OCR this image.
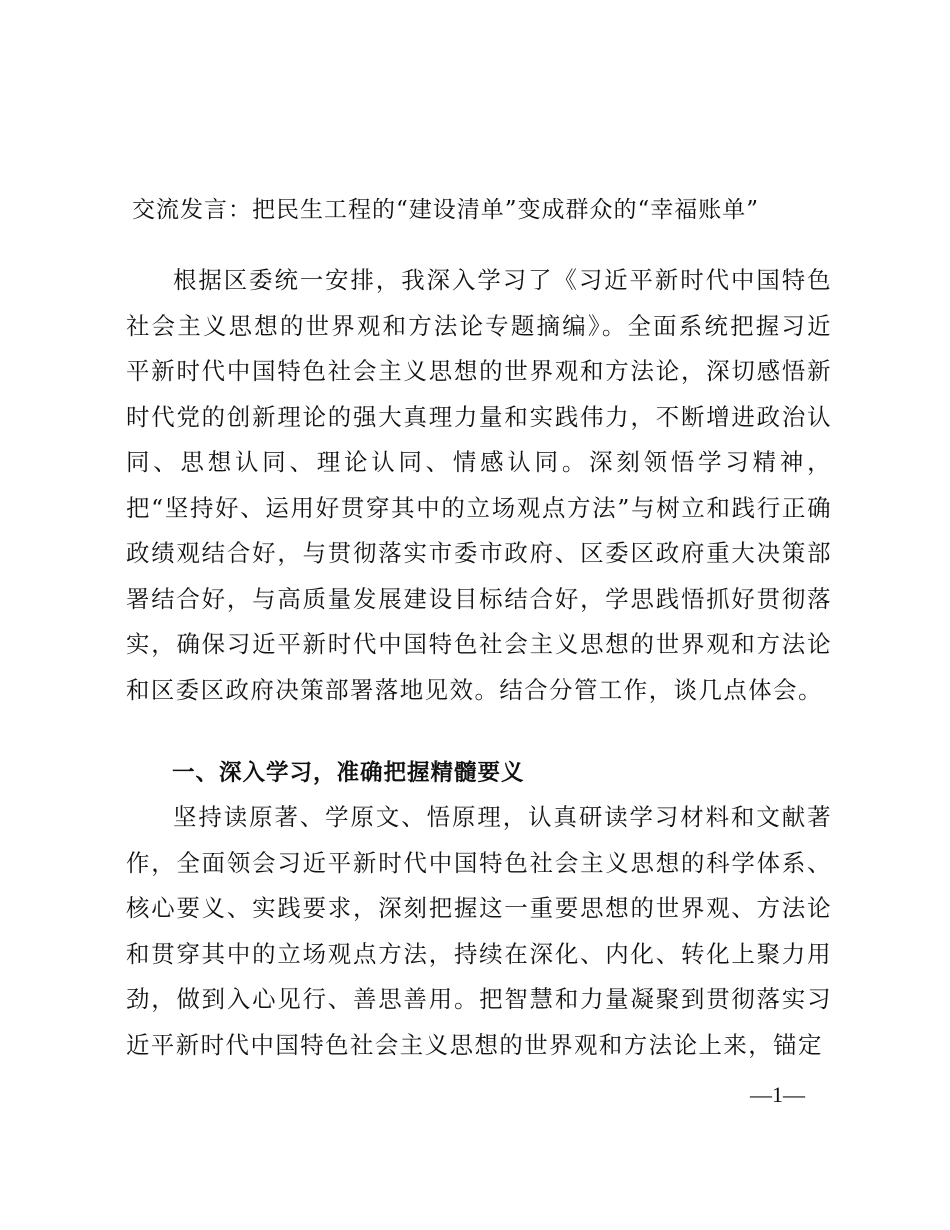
交流发言：把民生工程的“建设清单”变成群众的“幸福账单”

根据区委统一安排，我深入学习了《习近平新时代中国特色社会主义思想的世界观和方法论专题摘编》。全面系统把握习近平新时代中国特色社会主义思想的世界观和方法论，深切感悟新时代党的创新理论的强大真理力量和实践伟力，不断增进政治认同、思想认同、理论认同、情感认同。深刻领悟学习精神，把“坚持好、运用好贯穿其中的立场观点方法”与树立和践行正确政绩观结合好，与贯彻落实市委市政府、区委区政府重大决策部署结合好，与高质量发展建设目标结合好，学思践悟抓好贯彻落实，确保习近平新时代中国特色社会主义思想的世界观和方法论和区委区政府决策部署落地见效。结合分管工作，谈几点体会。

一、深入学习，准确把握精髓要义

坚持读原著、学原文、悟原理，认真研读学习材料和文献著作，全面领会习近平新时代中国特色社会主义思想的科学体系、核心要义、实践要求，深刻把握这一重要思想的世界观、方法论和贯穿其中的立场观点方法，持续在深化、内化、转化上聚力用劲，做到入心见行、善思善用。把智慧和力量凝聚到贯彻落实习近平新时代中国特色社会主义思想的世界观和方法论上来，锚定

—1—
